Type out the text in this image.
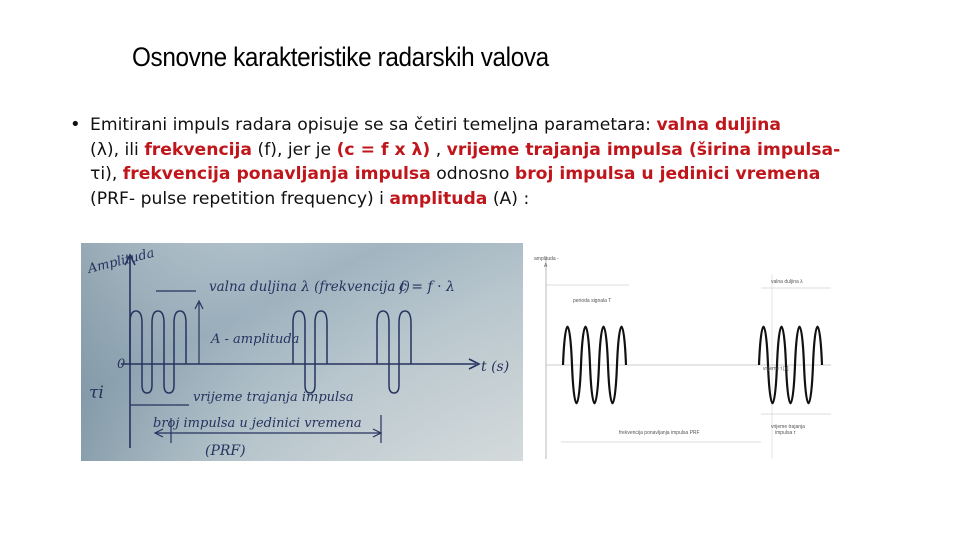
Osnovne karakteristike radarskih valova
• Emitirani impuls radara opisuje se sa četiri temeljna parametara: valna duljina
(λ), ili frekvencija (f), jer je (c = f x λ) , vrijeme trajanja impulsa (širina impulsa-
τi), frekvencija ponavljanja impulsa odnosno broj impulsa u jedinici vremena
(PRF- pulse repetition frequency) i amplituda (A) :
Amplituda
valna duljina λ (frekvencija f)
c = f · λ
A - amplituda
0	t (s)
τi	vrijeme trajanja impulsa
broj impulsa u jedinici vremena
(PRF)
amplituda -
A
perioda signala T
valna duljina λ
vrijeme t [s]
vrijeme trajanja
impulsa τ
frekvencija ponavljanja impulsa PRF
